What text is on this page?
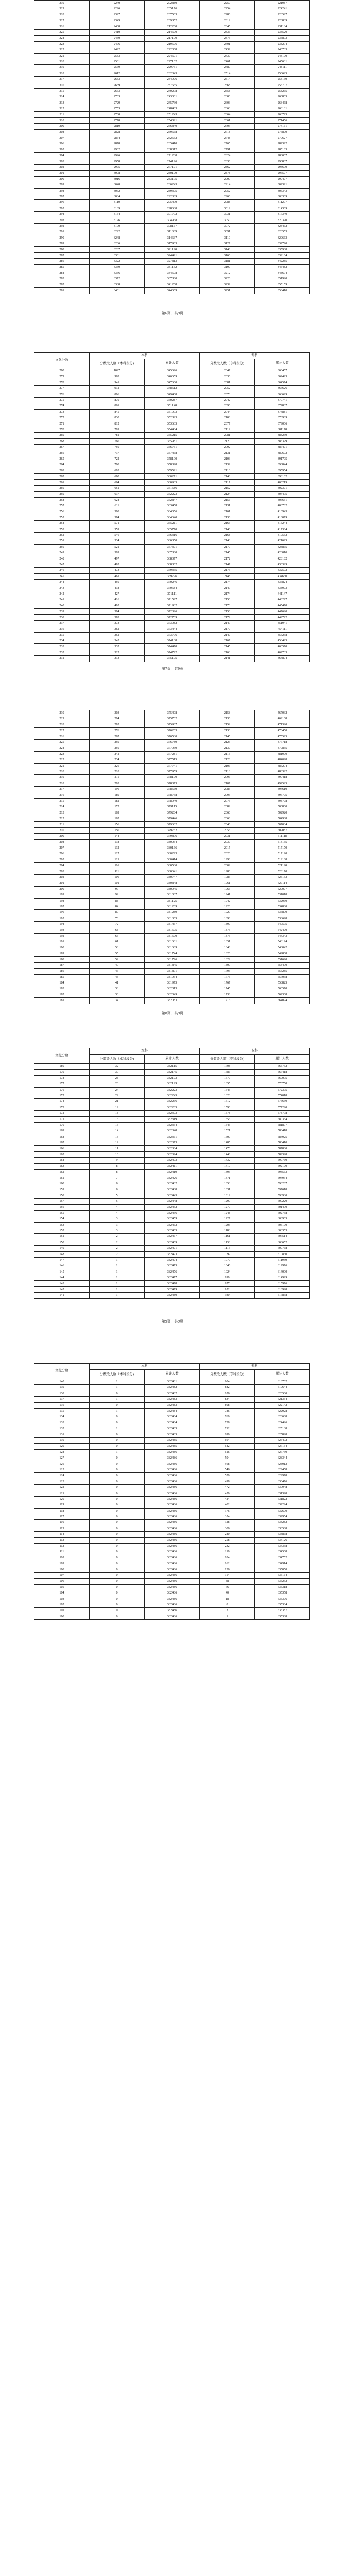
330	2240	202880	2257	221987
329	2296	205176	2254	224241
328	2327	207503	2286	226527
327	2349	209852	2312	228839
326	2408	212260	2345	231184
325	2410	214670	2336	233520
324	2430	217100	2373	235893
323	2476	219576	2401	238294
322	2492	222068	2439	240733
321	2533	224601	2437	243170
320	2561	227162	2461	245631
319	2569	229731	2480	248111
318	2612	232343	2514	250625
317	2633	234976	2514	253139
316	2659	237635	2568	255707
315	2663	240298	2558	258265
314	2703	243001	2600	260865
313	2729	245730	2603	263468
312	2753	248483	2663	266131
311	2760	251243	2664	268795
310	2778	254021	2661	271456
309	2819	256840	2705	274161
308	2828	259668	2718	276879
307	2864	262532	2748	279627
306	2878	265410	2765	282392
305	2902	268312	2791	285183
304	2926	271238	2824	288007
303	2958	274196	2830	290837
302	2975	277171	2862	293699
301	3008	280179	2878	296577
300	3016	283195	2900	299477
299	3048	286243	2914	302391
298	3062	289305	2952	305343
297	3084	292389	2966	308309
296	3110	295499	2988	311297
295	3139	298638	3012	314309
294	3154	301792	3031	317340
293	3176	304968	3050	320390
292	3199	308167	3072	323462
291	3222	311389	3091	326553
290	3248	314637	3110	329663
289	3266	317903	3127	332790
288	3287	321190	3148	335938
287	3301	324491	3166	339104
286	3322	327813	3181	342285
285	3339	331152	3197	345482
284	3356	334508	3212	348694
283	3372	337880	3226	351920
282	3388	341268	3239	355159
281	3401	344669	3251	358410
第6页，共9页
文化分数	本科		专科	
	分数段人数（本科段分)	累计人数	分数段人数（专科段分)	累计人数
280	1027	345696	2047	360457
279	963	346659	2036	362493
278	941	347600	2081	364574
277	912	348512	2052	366626
276	896	349408	2073	368699
275	879	350287	2042	370741
274	861	351148	2096	372837
273	845	351993	2044	374881
272	830	352823	2108	376989
271	812	353635	2077	379066
270	799	354434	2112	381178
269	781	355215	2081	383259
268	766	355981	2120	385379
267	750	356731	2092	387471
266	737	357468	2131	389602
265	722	358190	2103	391705
264	708	358898	2139	393844
263	693	359591	2110	395954
262	680	360271	2148	398102
261	664	360935	2117	400219
260	651	361586	2152	402371
259	637	362223	2124	404495
258	624	362847	2156	406651
257	611	363458	2131	408782
256	598	364056	2161	410943
255	584	364640	2136	413079
254	571	365211	2165	415244
253	559	365770	2140	417384
252	546	366316	2168	419552
251	534	366850	2143	421695
250	521	367371	2170	423865
249	509	367880	2145	426010
248	497	368377	2172	428182
247	485	368862	2147	430329
246	473	369335	2173	432502
245	461	369796	2148	434650
244	450	370246	2174	436824
243	438	370684	2149	438973
242	427	371111	2174	441147
241	416	371527	2150	443297
240	405	371932	2173	445470
239	394	372326	2150	447620
238	383	372709	2172	449792
237	373	373082	2149	451941
236	362	373444	2170	454111
235	352	373796	2147	456258
234	342	374138	2167	458425
233	332	374470	2145	460570
232	322	374792	2163	462733
231	313	375105	2141	464874
第7页，共9页
230	303	375408	2158	467032
229	294	375702	2136	469168
228	285	375987	2152	471320
227	276	376263	2130	473450
226	267	376530	2145	475595
225	259	376789	2123	477718
224	250	377039	2137	479855
223	242	377281	2115	481970
222	234	377515	2128	484098
221	226	377741	2106	486204
220	218	377959	2118	488322
219	211	378170	2096	490418
218	203	378373	2107	492525
217	196	378569	2085	494610
216	189	378758	2095	496705
215	182	378940	2073	498778
214	175	379115	2082	500860
213	169	379284	2060	502920
212	162	379446	2068	504988
211	156	379602	2046	507034
210	150	379752	2053	509087
209	144	379896	2031	511118
208	138	380034	2037	513155
207	132	380166	2015	515170
206	127	380293	2020	517190
205	121	380414	1998	519188
204	116	380530	2002	521190
203	111	380641	1980	523170
202	106	380747	1983	525153
201	101	380848	1961	527114
200	97	380945	1963	529077
199	92	381037	1941	531018
198	88	381125	1942	532960
197	84	381209	1920	534880
196	80	381289	1920	536800
195	76	381365	1898	538698
194	72	381437	1897	540595
193	68	381505	1875	542470
192	65	381570	1873	544343
191	61	381631	1851	546194
190	58	381689	1848	548042
189	55	381744	1826	549868
188	52	381796	1822	551690
187	49	381845	1800	553490
186	46	381891	1795	555285
185	43	381934	1773	557058
184	41	381975	1767	558825
183	38	382013	1745	560570
182	36	382049	1738	562308
181	34	382083	1716	564024
第8页，共9页
文化分数	本科		专科	
	分数段人数（本科段分)	累计人数	分数段人数（专科段分)	累计人数
180	32	382115	1708	565732
179	30	382145	1686	567418
178	28	382173	1677	569095
177	26	382199	1655	570750
176	24	382223	1645	572395
175	22	382245	1623	574018
174	21	382266	1612	575630
173	19	382285	1590	577220
172	18	382303	1578	578798
171	16	382319	1556	580354
170	15	382334	1543	581897
169	14	382348	1521	583418
168	13	382361	1507	584925
167	12	382373	1485	586410
166	11	382384	1470	587880
165	10	382394	1448	589328
164	9	382403	1432	590760
163	8	382411	1410	592170
162	8	382419	1393	593563
161	7	382426	1371	594934
160	6	382432	1353	596287
159	6	382438	1331	597618
158	5	382443	1312	598930
157	5	382448	1290	600220
156	4	382452	1270	601490
155	4	382456	1248	602738
154	3	382459	1227	603965
153	3	382462	1205	605170
152	3	382465	1183	606353
151	2	382467	1161	607514
150	2	382469	1138	608652
149	2	382471	1116	609768
148	2	382473	1092	610860
147	1	382474	1070	611930
146	1	382475	1046	612976
145	1	382476	1024	614000
144	1	382477	999	614999
143	1	382478	977	615976
142	1	382479	952	616928
141	1	382480	930	617858
第9页，共9页
文化分数	本科		专科	
	分数段人数（本科段分)	累计人数	分数段人数（专科段分)	累计人数
140	1	382481	904	618762
139	1	382482	882	619644
138	0	382482	856	620500
137	1	382483	834	621334
136	0	382483	808	622142
135	1	382484	786	622928
134	0	382484	760	623688
133	0	382484	738	624426
132	1	382485	712	625138
131	0	382485	690	625828
130	0	382485	664	626492
129	0	382485	642	627134
128	1	382486	616	627750
127	0	382486	594	628344
126	0	382486	568	628912
125	0	382486	546	629458
124	0	382486	520	629978
123	0	382486	498	630476
122	0	382486	472	630948
121	0	382486	450	631398
120	0	382486	424	631822
119	0	382486	402	632224
118	0	382486	376	632600
117	0	382486	354	632954
116	0	382486	328	633282
115	0	382486	306	633588
114	0	382486	280	633868
113	0	382486	258	634126
112	0	382486	232	634358
111	0	382486	210	634568
110	0	382486	184	634752
109	0	382486	162	634914
108	0	382486	136	635050
107	0	382486	114	635164
106	0	382486	88	635252
105	0	382486	66	635318
104	0	382486	40	635358
103	0	382486	18	635376
102	0	382486	8	635384
101	0	382486	3	635387
100	0	382486	1	635388
